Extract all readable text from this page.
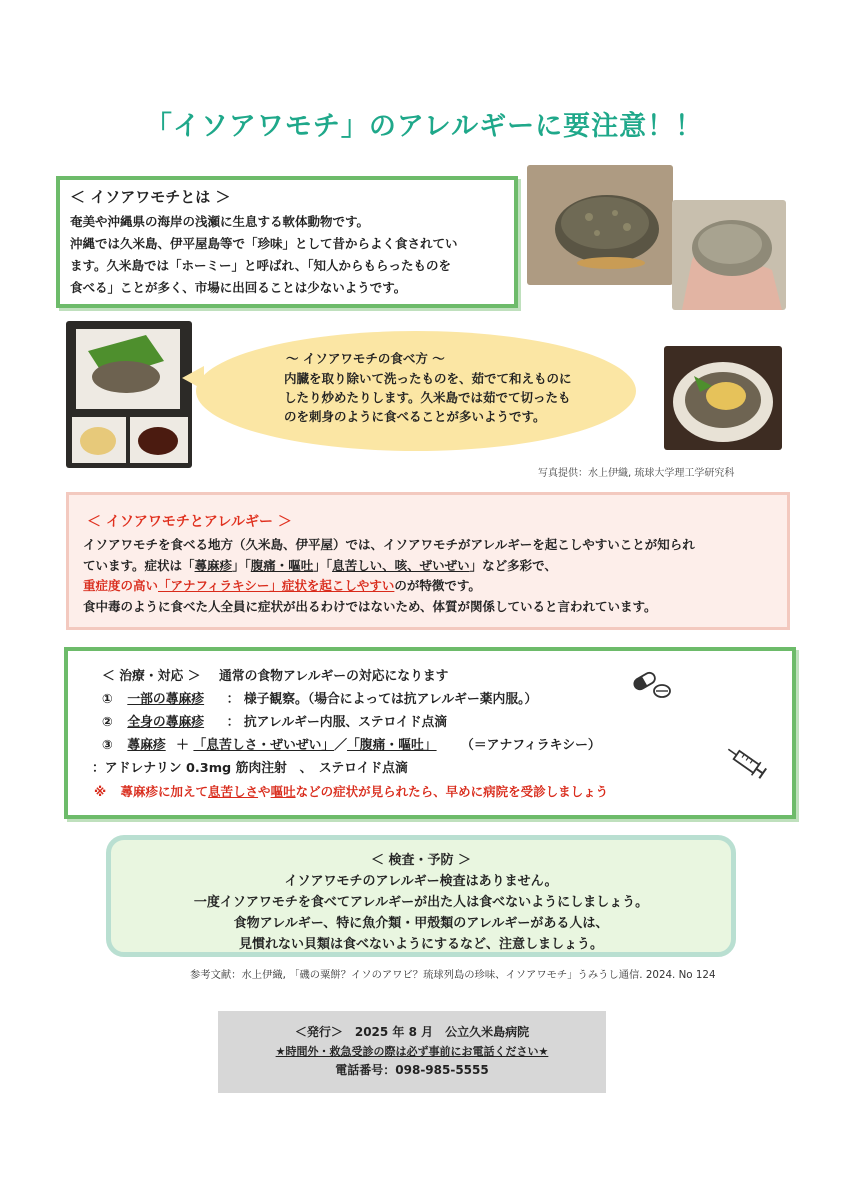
「イソアワモチ」のアレルギーに要注意！！
＜ イソアワモチとは ＞
奄美や沖縄県の海岸の浅瀬に生息する軟体動物です。
沖縄では久米島、伊平屋島等で「珍味」として昔からよく食されてい
ます。久米島では「ホーミー」と呼ばれ、「知人からもらったものを
食べる」ことが多く、市場に出回ることは少ないようです。
～ イソアワモチの食べ方 ～
内臓を取り除いて洗ったものを、茹でて和えものに
したり炒めたりします。久米島では茹でて切ったも
のを刺身のように食べることが多いようです。
写真提供：水上伊織, 琉球大学理工学研究科
＜ イソアワモチとアレルギー ＞
イソアワモチを食べる地方（久米島、伊平屋）では、イソアワモチがアレルギーを起こしやすいことが知られ
ています。症状は「蕁麻疹」「腹痛・嘔吐」「息苦しい、咳、ぜいぜい」など多彩で、
重症度の高い「アナフィラキシー」症状を起こしやすいのが特徴です。
食中毒のように食べた人全員に症状が出るわけではないため、体質が関係していると言われています。
＜ 治療・対応 ＞ 通常の食物アレルギーの対応になります
① 一部の蕁麻疹 ： 様子観察。（場合によっては抗アレルギー薬内服。）
② 全身の蕁麻疹 ： 抗アレルギー内服、ステロイド点滴
③ 蕁麻疹 ＋ 「息苦しさ・ぜいぜい」／「腹痛・嘔吐」 （＝アナフィラキシー）
：アドレナリン 0.3mg 筋肉注射　、　ステロイド点滴
※ 蕁麻疹に加えて息苦しさや嘔吐などの症状が見られたら、早めに病院を受診しましょう
＜ 検査・予防 ＞
イソアワモチのアレルギー検査はありません。
一度イソアワモチを食べてアレルギーが出た人は食べないようにしましょう。
食物アレルギー、特に魚介類・甲殻類のアレルギーがある人は、
見慣れない貝類は食べないようにするなど、注意しましょう。
参考文献：水上伊織, 「磯の粟餅？イソのアワビ？琉球列島の珍味、イソアワモチ」うみうし通信. 2024. No 124
＜発行＞　2025 年 8 月　公立久米島病院
★時間外・救急受診の際は必ず事前にお電話ください★
電話番号：098-985-5555
